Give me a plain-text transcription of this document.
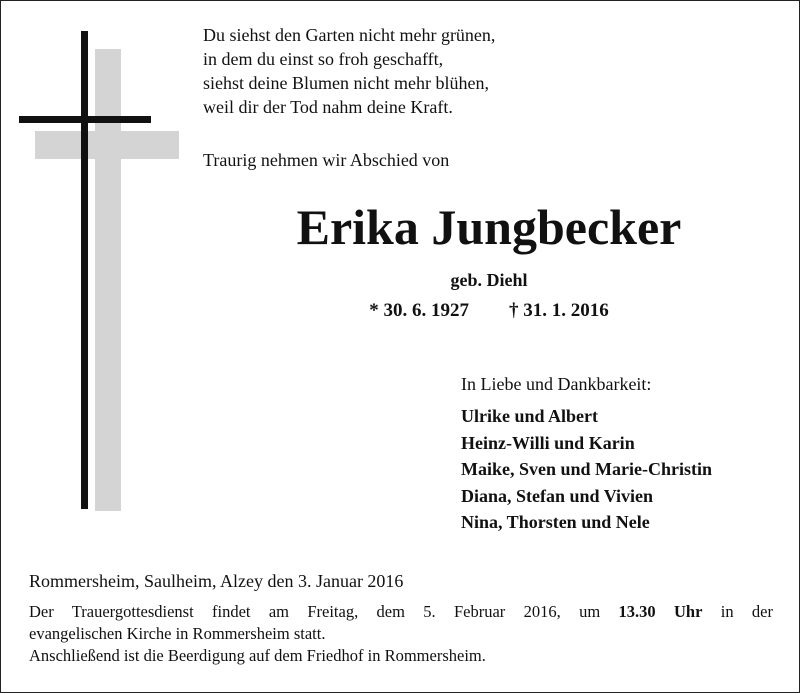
Du siehst den Garten nicht mehr grünen,
in dem du einst so froh geschafft,
siehst deine Blumen nicht mehr blühen,
weil dir der Tod nahm deine Kraft.
Traurig nehmen wir Abschied von
Erika Jungbecker
geb. Diehl
* 30. 6. 1927 † 31. 1. 2016
In Liebe und Dankbarkeit:
Ulrike und Albert
Heinz-Willi und Karin
Maike, Sven und Marie-Christin
Diana, Stefan und Vivien
Nina, Thorsten und Nele
Rommersheim, Saulheim, Alzey den 3. Januar 2016
Der Trauergottesdienst findet am Freitag, dem 5. Februar 2016, um 13.30 Uhr in der
evangelischen Kirche in Rommersheim statt.
Anschließend ist die Beerdigung auf dem Friedhof in Rommersheim.
